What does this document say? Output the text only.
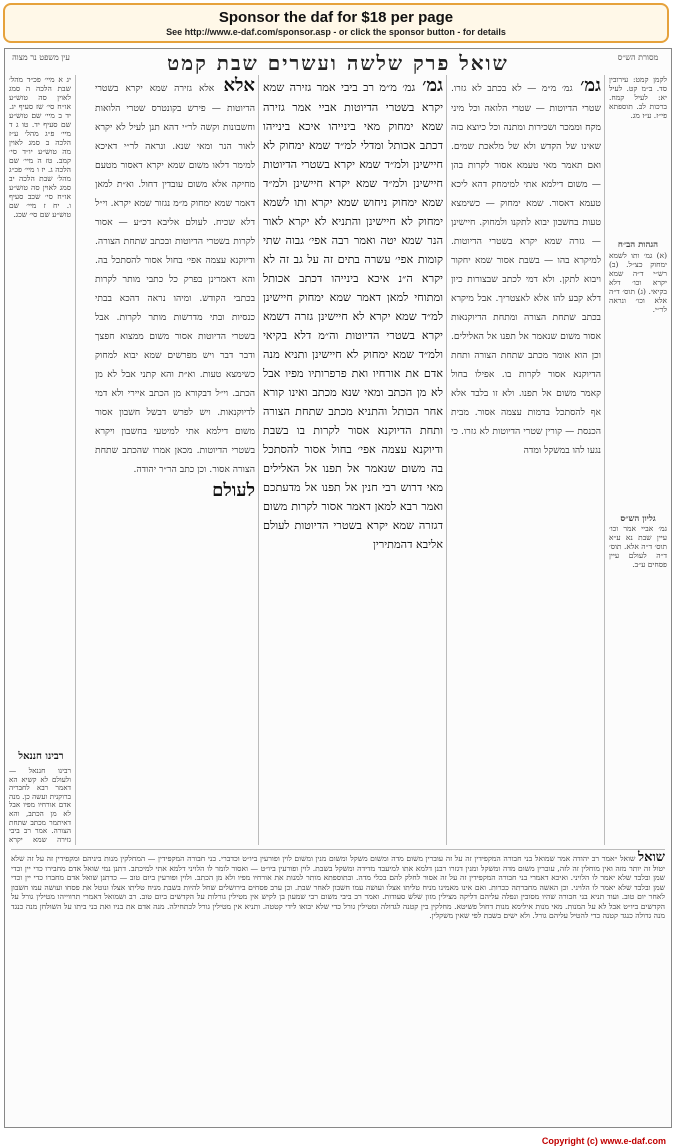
Sponsor the daf for $18 per page
See http://www.e-daf.com/sponsor.asp - or click the sponsor button - for details
שואל פרק שלשה ועשרים שבת קמט	מסורת הש״ס
עין משפט נר מצוה
לקמן קמט: עירובין סד. ב״מ קט. לעיל יא: לעיל קמח. ברכות לב. תוספתא פי״ז. ע״ז מג.
הגהות הב״ח
(א) גמ׳ ותו לשמא ימחוק כצ״ל. (ב) רש״י ד״ה שמא יקרא וכו׳ דלא בקיאי. (ג) תוס׳ ד״ה אלא וכו׳ ונראה לר״י.
גליון הש״ס
גמ׳ אביי אמר וכו׳ עיין שבת נא ע״א תוס׳ ד״ה אלא. תוס׳ ד״ה לעולם עיין פסחים ע״ב.
גמ׳ גמ׳ מ״מ — לא בכתב לא גזרו. שטרי הדיוטות — שטרי הלואה וכל מיני מקח וממכר ושכירות ומתנה וכל כיוצא בזה שאינו של הקדש ולא של מלאכת שמים. ואם תאמר מאי טעמא אסור לקרות בהן — משום דילמא אתי למימחק דהא ליכא טעמא דאסור. שמא ימחוק — כשימצא טעות בחשבון יבוא לתקנו ולמחוק. חיישינן — גזרה שמא יקרא בשטרי הדיוטות. למיקרא בהו — בשבת אסור שמא יחקור ויבוא לתקן. ולא דמי לכתב שבצורות כיון דלא קבע להו אלא לאצטריך. אבל מיקרא בכתב שתחת הצורה ומתחת הדיוקנאות אסור משום שנאמר אל תפנו אל האלילים. וכן הוא אומר מכתב שתחת הצורה ותחת הדיוקנא אסור לקרות בו. אפילו בחול קאמר משום אל תפנו. ולא זו בלבד אלא אף להסתכל בדמות עצמה אסור. מבית הכנסת — קורין שטרי הדיוטות לא גזרו. כי נגעו להו במשקל ומדה
גמ׳ גמ׳ מ״מ רב ביבי אמר גזירה שמא יקרא בשטרי הדיוטות אביי אמר גזירה שמא ימחוק מאי בינייהו איכא בינייהו דכתב אכותל ומדלי למ״ד שמא ימחוק לא חיישינן ולמ״ד שמא יקרא בשטרי הדיוטות חיישינן ולמ״ד שמא יקרא חיישינן ולמ״ד שמא ימחוק ניחוש שמא יקרא ותו לשמא ימחוק לא חיישינן והתניא לא יקרא לאור הנר שמא יטה ואמר רבה אפי׳ גבוה שתי קומות אפי׳ עשרה בתים זה על גב זה לא יקרא ה״נ איכא בינייהו דכתב אכותל ומתוחי למאן דאמר שמא ימחוק חיישינן למ״ד שמא יקרא לא חיישינן גזרה דשמא יקרא בשטרי הדיוטות וה״מ דלא בקיאי ולמ״ד שמא ימחוק לא חיישינן ותניא מנה אדם את אורחיו ואת פרפרותיו מפיו אבל לא מן הכתב ומאי שנא מכתב ואינו קורא אחר הכותל והתניא מכתב שתחת הצורה ותחת הדיוקנא אסור לקרות בו בשבת ודיוקנא עצמה אפי׳ בחול אסור להסתכל בה משום שנאמר אל תפנו אל האלילים מאי דרוש רבי חנין אל תפנו אל מדעתכם ואמר רבא למאן דאמר אסור לקרות משום דגזרה שמא יקרא בשטרי הדיוטות לעולם אליבא דהמתירין
אלא אלא גזירה שמא יקרא בשטרי הדיוטות — פירש בקונטרס שטרי הלואות וחשבונות וקשה לר״י דהא תנן לעיל לא יקרא לאור הנר ומאי שנא. ונראה לר״י דאיכא למימר דלאו משום שמא יקרא דאסור מטעם מחיקה אלא משום עובדין דחול. וא״ת למאן דאמר שמא ימחוק מ״מ נגזור שמא יקרא. וי״ל דלא שכיח. לעולם אליבא דכ״ע — אסור לקרות בשטרי הדיוטות ובכתב שתחת הצורה. ודיוקנא עצמה אפי׳ בחול אסור להסתכל בה. והא דאמרינן בפרק כל כתבי מותר לקרות בכתבי הקודש. ומיהו נראה דהכא בבתי כנסיות ובתי מדרשות מותר לקרות. אבל בשטרי הדיוטות אסור משום ממצוא חפצך ודבר דבר ויש מפרשים שמא יבוא למחוק כשימצא טעות. וא״ת והא קתני אבל לא מן הכתב. וי״ל דבקורא מן הכתב איירי ולא דמי לדיוקנאות. ויש לפרש דבשל חשבון אסור משום דילמא אתי למיטעי בחשבון ויקרא בשטרי הדיוטות. מכאן אמרו שהכתב שתחת הצורה אסור. וכן כתב הר״ר יהודה.
לעולם
יג א מיי׳ פכ״ד מהל׳ שבת הלכה ה סמג לאוין סה טוש״ע או״ח סי׳ שז סעיף יג. יד ב מיי׳ שם טוש״ע שם סעיף יד. טו ג ד מיי׳ פ״ג מהל׳ ע״ז הלכה ב סמג לאוין מה טוש״ע יו״ד סי׳ קמב. טז ה מיי׳ שם הלכה ג. יז ו מיי׳ פכ״ג מהל׳ שבת הלכה יב סמג לאוין סה טוש״ע או״ח סי׳ שכב סעיף ו. יח ז מיי׳ שם טוש״ע שם סי׳ שכג.
רבינו חננאל
רבינו חננאל — ולעולם לא קשיא הא דאמר רבא לחבריה ברוקנית ועשה כן. מנה אדם אורחיו מפיו אבל לא מן הכתב, והא דאיתמר מכתב שתחת הצורה. אמר רב ביבי גזירה שמא יקרא
שואל שואל ״אמר רב יהודה אמר שמואל בני חבורה המקפידין זה על זה עוברין משום מדה ומשום משקל ומשום מנין ומשום לוין ופורעין ביו״ט וכדברי. בני חבורה המקפידין — המחלקין מנות ביניהם ומקפידין זה על זה שלא יטול זה יותר מזה ואין מוחלין זה לזה, עוברין משום מדה ומשקל ומנין דגזרו רבנן דלמא אתו למיעבד מדידה ומשקל בשבת. לוין ופורעין ביו״ט — ואסור לומר לו הלויני דלמא אתי למיכתב. דתנן נמי שואל אדם מחבירו כדי יין וכדי שמן ובלבד שלא יאמר לו הלויני. ואיכא דאמרי בני חבורה המקפידין זה על זה אסור לחלק להם בכלי מדה. ובתוספתא מותר למנות את אורחיו מפיו ולא מן הכתב. ולוין ופורעין ביום טוב — כדתנן שואל אדם מחברו כדי יין וכדי שמן ובלבד שלא יאמר לו הלויני. וכן האשה מחברתה ככרות. ואם אינו מאמינו מניח טליתו אצלו ועושה עמו חשבון לאחר שבת. וכן ערב פסחים בירושלים שחל להיות בשבת מניח טליתו אצלו ונוטל את פסחו ועושה עמו חשבון לאחר יום טוב. ועוד תניא בני חבורה שהיו מסובין ונפלה עליהם דליקה מצילין מזון שלש סעודות. ואמר רב ביבי משום רבי שמעון בן לקיש אין מטילין גורלות על הקדשים ביום טוב. רב ושמואל דאמרי תרווייהו מטילין גורל על הקדשים ביו״ט אבל לא על המנות. מאי מנות אילימא מנות דחול פשיטא. מחלקין בין קטנה לגדולה ומטילין גורל כדי שלא יבואו לידי קטטה. ותניא אין מטילין גורל לכתחילה. מנה אדם את בניו ואת בני ביתו על השולחן מנה כנגד מנה גדולה כנגד קטנה כדי להטיל עליהם גורל. ולא ישים בשבת לפי שאין משקלין.
Copyright (c) www.e-daf.com
